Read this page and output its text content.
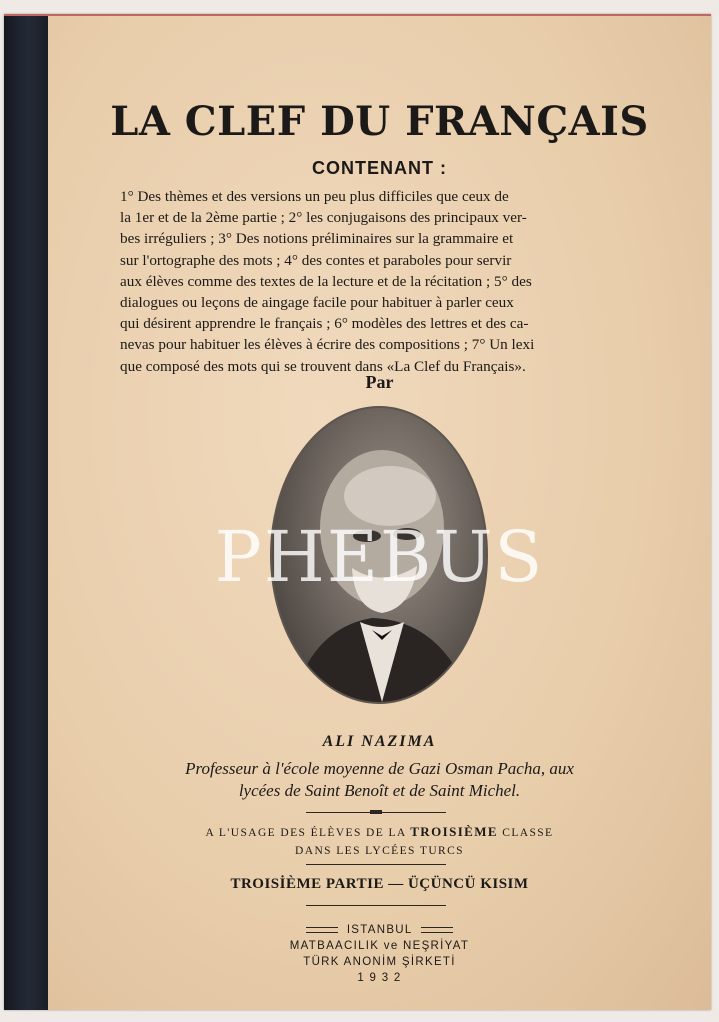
LA CLEF DU FRANÇAIS
CONTENANT :
1° Des thèmes et des versions un peu plus difficiles que ceux de
la 1er et de la 2ème partie ; 2° les conjugaisons des principaux ver-
bes irréguliers ; 3° Des notions préliminaires sur la grammaire et
sur l'ortographe des mots ; 4° des contes et paraboles pour servir
aux élèves comme des textes de la lecture et de la récitation ; 5° des
dialogues ou leçons de aingage facile pour habituer à parler ceux
qui désirent apprendre le français ; 6° modèles des lettres et des ca-
nevas pour habituer les élèves à écrire des compositions ; 7° Un lexi
que composé des mots qui se trouvent dans «La Clef du Français».
Par
PHEBUS
ALI NAZIMA
Professeur à l'école moyenne de Gazi Osman Pacha, aux
lycées de Saint Benoît et de Saint Michel.
A L'USAGE DES ÉLÈVES DE LA TROISIÈME CLASSE
DANS LES LYCÉES TURCS
TROISİÈME PARTIE — ÜÇÜNCÜ KISIM
ISTANBUL
MATBAACILIK ve NEŞRİYAT
TÜRK ANONİM ŞİRKETİ
1 9 3 2
